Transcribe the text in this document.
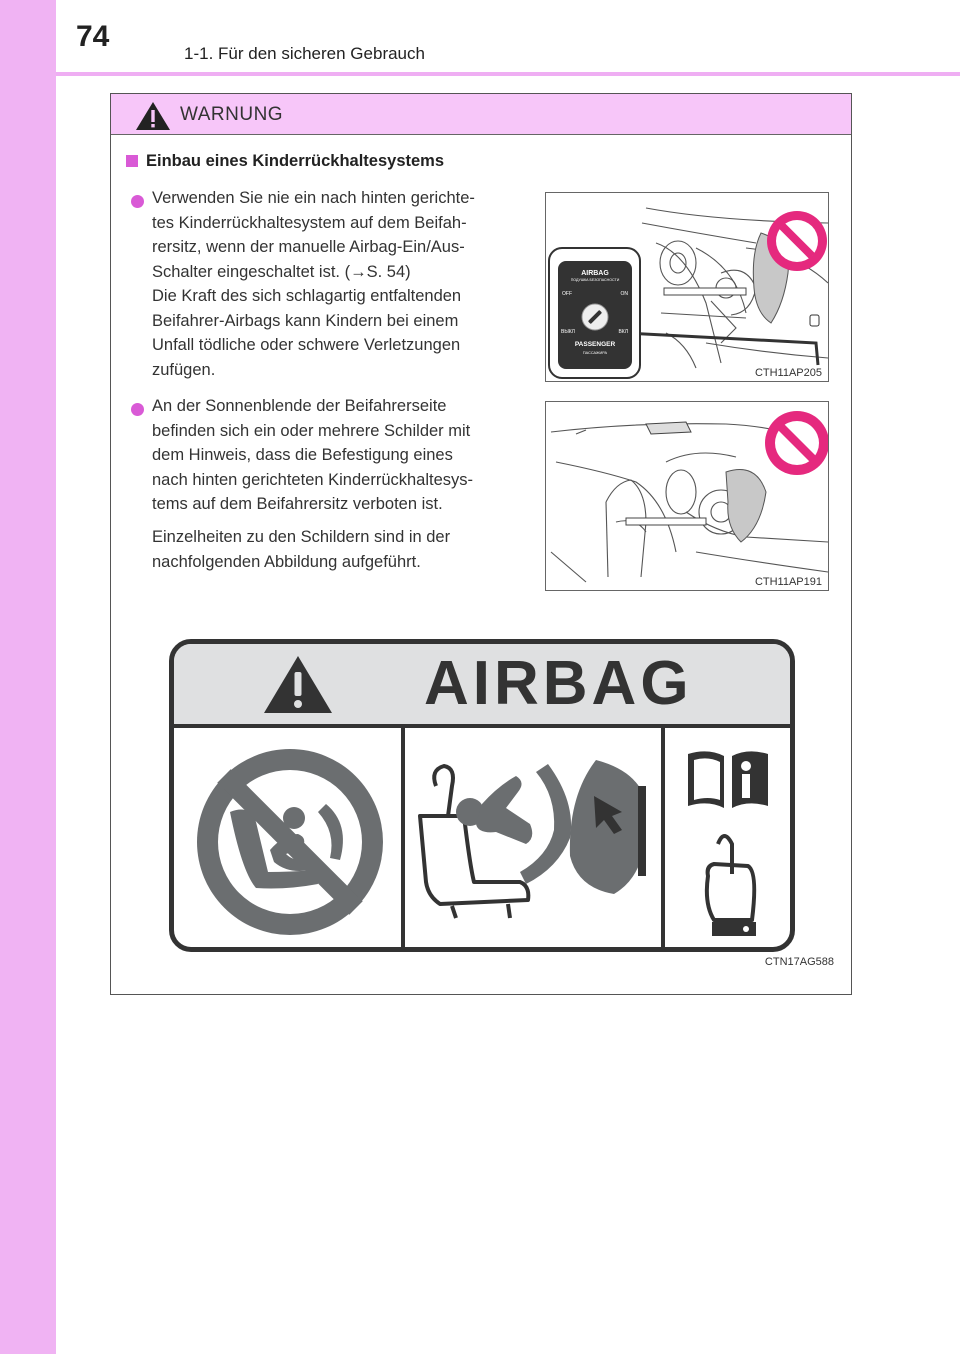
74
1-1. Für den sicheren Gebrauch
WARNUNG
Einbau eines Kinderrückhaltesystems
Verwenden Sie nie ein nach hinten gerichte-
tes Kinderrückhaltesystem auf dem Beifah-
rersitz, wenn der manuelle Airbag-Ein/Aus-
Schalter eingeschaltet ist. (→S. 54)
Die Kraft des sich schlagartig entfaltenden
Beifahrer-Airbags kann Kindern bei einem
Unfall tödliche oder schwere Verletzungen
zufügen.
An der Sonnenblende der Beifahrerseite
befinden sich ein oder mehrere Schilder mit
dem Hinweis, dass die Befestigung eines
nach hinten gerichteten Kinderrückhaltesys-
tems auf dem Beifahrersitz verboten ist.
Einzelheiten zu den Schildern sind in der
nachfolgenden Abbildung aufgeführt.
AIRBAG
ПОДУШКА БЕЗОПАСНОСТИ
OFF	ON
ВЫКЛ	ВКЛ
PASSENGER
ПАССАЖИРА
CTH11AP205
CTH11AP191
AIRBAG
CTN17AG588
